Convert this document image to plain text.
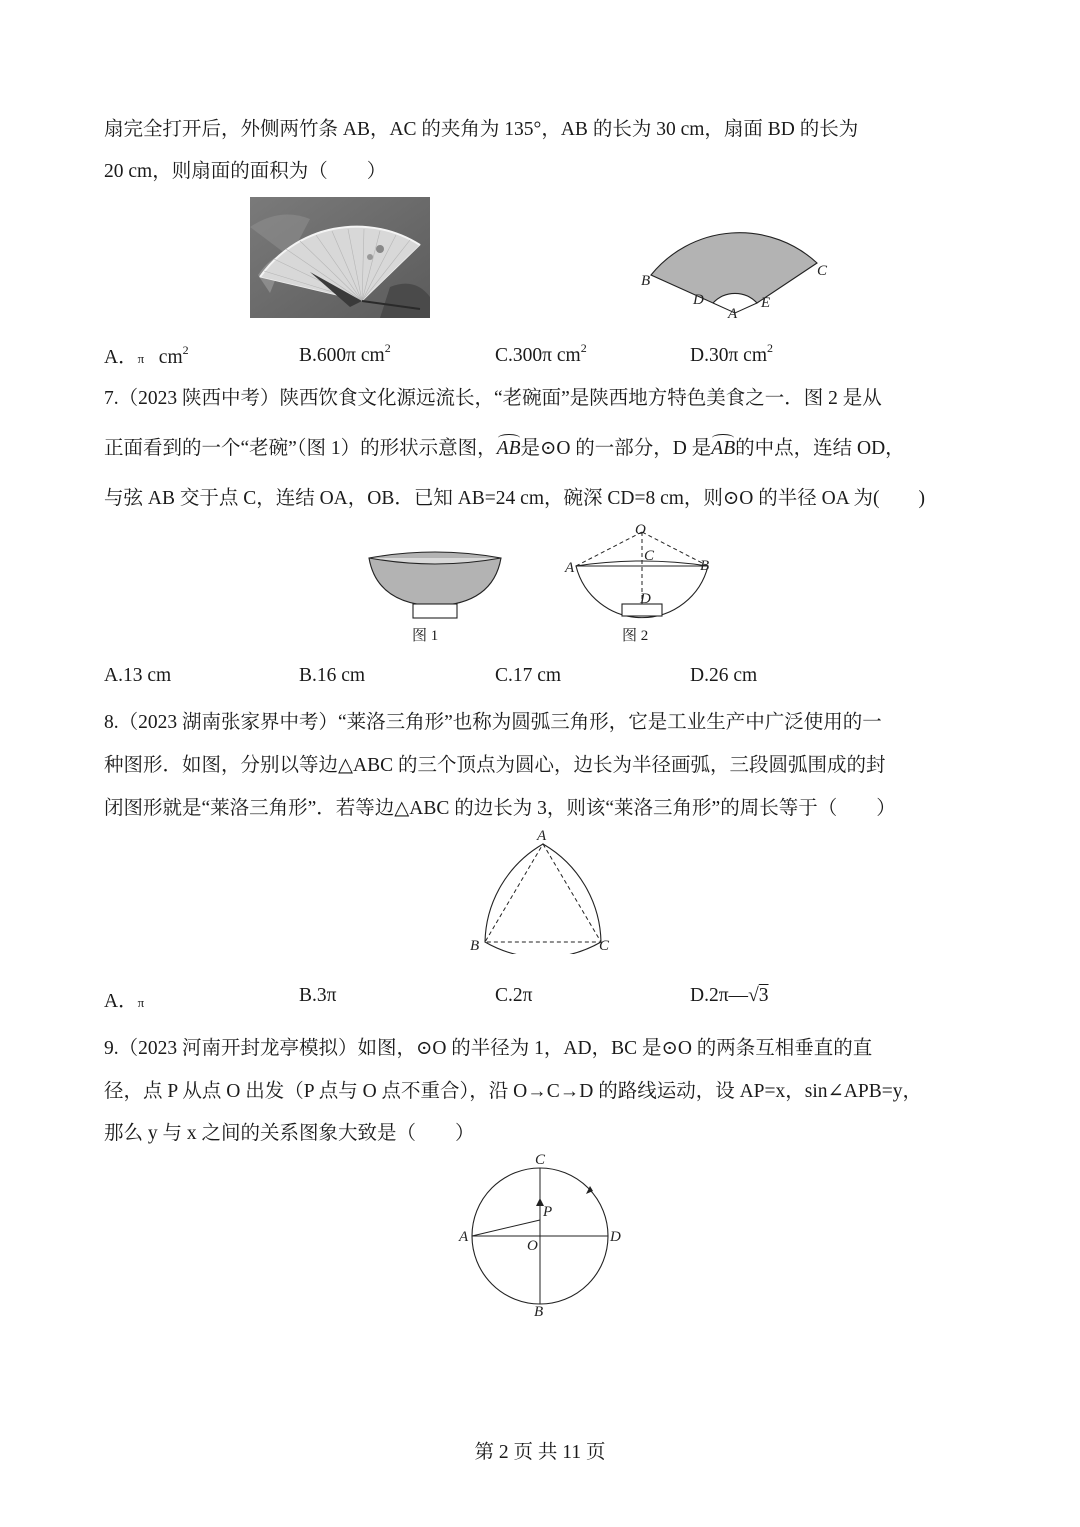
扇完全打开后，外侧两竹条 AB，AC 的夹角为 135°，AB 的长为 30 cm，扇面 BD 的长为
20 cm，则扇面的面积为（　　）
B
C
D	E
A
A．π $cm^2$	B.600π $cm^2$	C.300π $cm^2$	D.30π $cm^2$
7.（2023 陕西中考）陕西饮食文化源远流长，“老碗面”是陕西地方特色美食之一．图 2 是从
正面看到的一个“老碗”（图 1）的形状示意图，AB是⊙O 的一部分，D 是AB的中点，连结 OD，
与弦 AB 交于点 C，连结 OA，OB．已知 AB=24 cm，碗深 CD=8 cm，则⊙O 的半径 OA 为(　　)
图 1
O
C
A	B
D
图 2
A.13 cm	B.16 cm	C.17 cm	D.26 cm
8.（2023 湖南张家界中考）“莱洛三角形”也称为圆弧三角形，它是工业生产中广泛使用的一
种图形．如图，分别以等边△ABC 的三个顶点为圆心，边长为半径画弧，三段圆弧围成的封
闭图形就是“莱洛三角形”．若等边△ABC 的边长为 3，则该“莱洛三角形”的周长等于（　　）
A
B	C
A．π	B.3π	C.2π	D.2π—√3
9.（2023 河南开封龙亭模拟）如图，⊙O 的半径为 1，AD，BC 是⊙O 的两条互相垂直的直
径，点 P 从点 O 出发（P 点与 O 点不重合），沿 O→C→D 的路线运动，设 AP=x，sin∠APB=y，
那么 y 与 x 之间的关系图象大致是（　　）
C
P
A
O
D
B
第 2 页 共 11 页
